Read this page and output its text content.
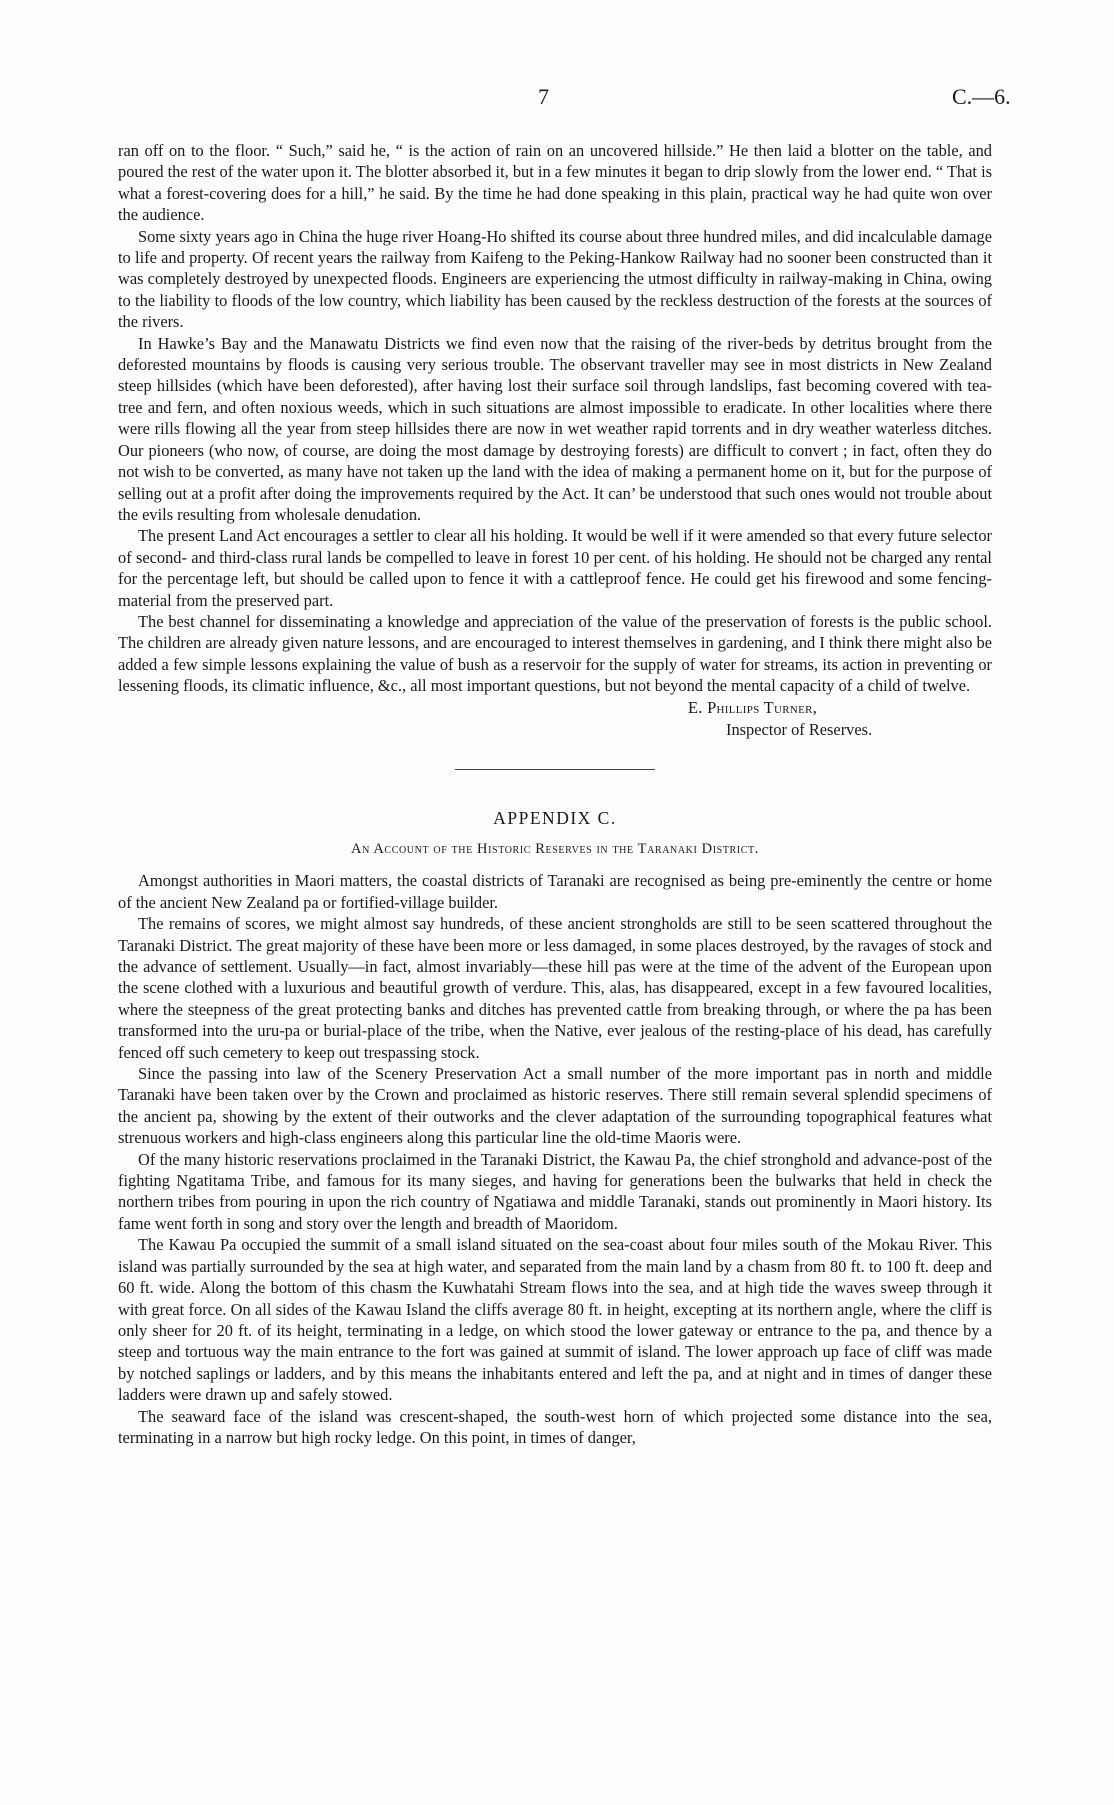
7	C.—6.

ran off on to the floor. “ Such,” said he, “ is the action of rain on an uncovered hillside.” He then laid a blotter on the table, and poured the rest of the water upon it. The blotter absorbed it, but in a few minutes it began to drip slowly from the lower end. “ That is what a forest-covering does for a hill,” he said. By the time he had done speaking in this plain, practical way he had quite won over the audience.

Some sixty years ago in China the huge river Hoang-Ho shifted its course about three hundred miles, and did incalculable damage to life and property. Of recent years the railway from Kaifeng to the Peking-Hankow Railway had no sooner been constructed than it was completely destroyed by unexpected floods. Engineers are experiencing the utmost difficulty in railway-making in China, owing to the liability to floods of the low country, which liability has been caused by the reckless destruction of the forests at the sources of the rivers.

In Hawke’s Bay and the Manawatu Districts we find even now that the raising of the river-beds by detritus brought from the deforested mountains by floods is causing very serious trouble. The observant traveller may see in most districts in New Zealand steep hillsides (which have been deforested), after having lost their surface soil through landslips, fast becoming covered with tea-tree and fern, and often noxious weeds, which in such situations are almost impossible to eradicate. In other localities where there were rills flowing all the year from steep hillsides there are now in wet weather rapid torrents and in dry weather waterless ditches. Our pioneers (who now, of course, are doing the most damage by destroying forests) are difficult to convert ; in fact, often they do not wish to be converted, as many have not taken up the land with the idea of making a permanent home on it, but for the purpose of selling out at a profit after doing the improvements required by the Act. It can’ be understood that such ones would not trouble about the evils resulting from wholesale denudation.

The present Land Act encourages a settler to clear all his holding. It would be well if it were amended so that every future selector of second- and third-class rural lands be compelled to leave in forest 10 per cent. of his holding. He should not be charged any rental for the percentage left, but should be called upon to fence it with a cattleproof fence. He could get his firewood and some fencing-material from the preserved part.

The best channel for disseminating a knowledge and appreciation of the value of the preservation of forests is the public school. The children are already given nature lessons, and are encouraged to interest themselves in gardening, and I think there might also be added a few simple lessons explaining the value of bush as a reservoir for the supply of water for streams, its action in preventing or lessening floods, its climatic influence, &c., all most important questions, but not beyond the mental capacity of a child of twelve.

E. Phillips Turner,
Inspector of Reserves.

APPENDIX C.

An Account of the Historic Reserves in the Taranaki District.

Amongst authorities in Maori matters, the coastal districts of Taranaki are recognised as being pre-eminently the centre or home of the ancient New Zealand pa or fortified-village builder.

The remains of scores, we might almost say hundreds, of these ancient strongholds are still to be seen scattered throughout the Taranaki District. The great majority of these have been more or less damaged, in some places destroyed, by the ravages of stock and the advance of settlement. Usually—in fact, almost invariably—these hill pas were at the time of the advent of the European upon the scene clothed with a luxurious and beautiful growth of verdure. This, alas, has disappeared, except in a few favoured localities, where the steepness of the great protecting banks and ditches has prevented cattle from breaking through, or where the pa has been transformed into the uru-pa or burial-place of the tribe, when the Native, ever jealous of the resting-place of his dead, has carefully fenced off such cemetery to keep out trespassing stock.

Since the passing into law of the Scenery Preservation Act a small number of the more important pas in north and middle Taranaki have been taken over by the Crown and proclaimed as historic reserves. There still remain several splendid specimens of the ancient pa, showing by the extent of their outworks and the clever adaptation of the surrounding topographical features what strenuous workers and high-class engineers along this particular line the old-time Maoris were.

Of the many historic reservations proclaimed in the Taranaki District, the Kawau Pa, the chief stronghold and advance-post of the fighting Ngatitama Tribe, and famous for its many sieges, and having for generations been the bulwarks that held in check the northern tribes from pouring in upon the rich country of Ngatiawa and middle Taranaki, stands out prominently in Maori history. Its fame went forth in song and story over the length and breadth of Maoridom.

The Kawau Pa occupied the summit of a small island situated on the sea-coast about four miles south of the Mokau River. This island was partially surrounded by the sea at high water, and separated from the main land by a chasm from 80 ft. to 100 ft. deep and 60 ft. wide. Along the bottom of this chasm the Kuwhatahi Stream flows into the sea, and at high tide the waves sweep through it with great force. On all sides of the Kawau Island the cliffs average 80 ft. in height, excepting at its northern angle, where the cliff is only sheer for 20 ft. of its height, terminating in a ledge, on which stood the lower gateway or entrance to the pa, and thence by a steep and tortuous way the main entrance to the fort was gained at summit of island. The lower approach up face of cliff was made by notched saplings or ladders, and by this means the inhabitants entered and left the pa, and at night and in times of danger these ladders were drawn up and safely stowed.

The seaward face of the island was crescent-shaped, the south-west horn of which projected some distance into the sea, terminating in a narrow but high rocky ledge. On this point, in times of danger,
